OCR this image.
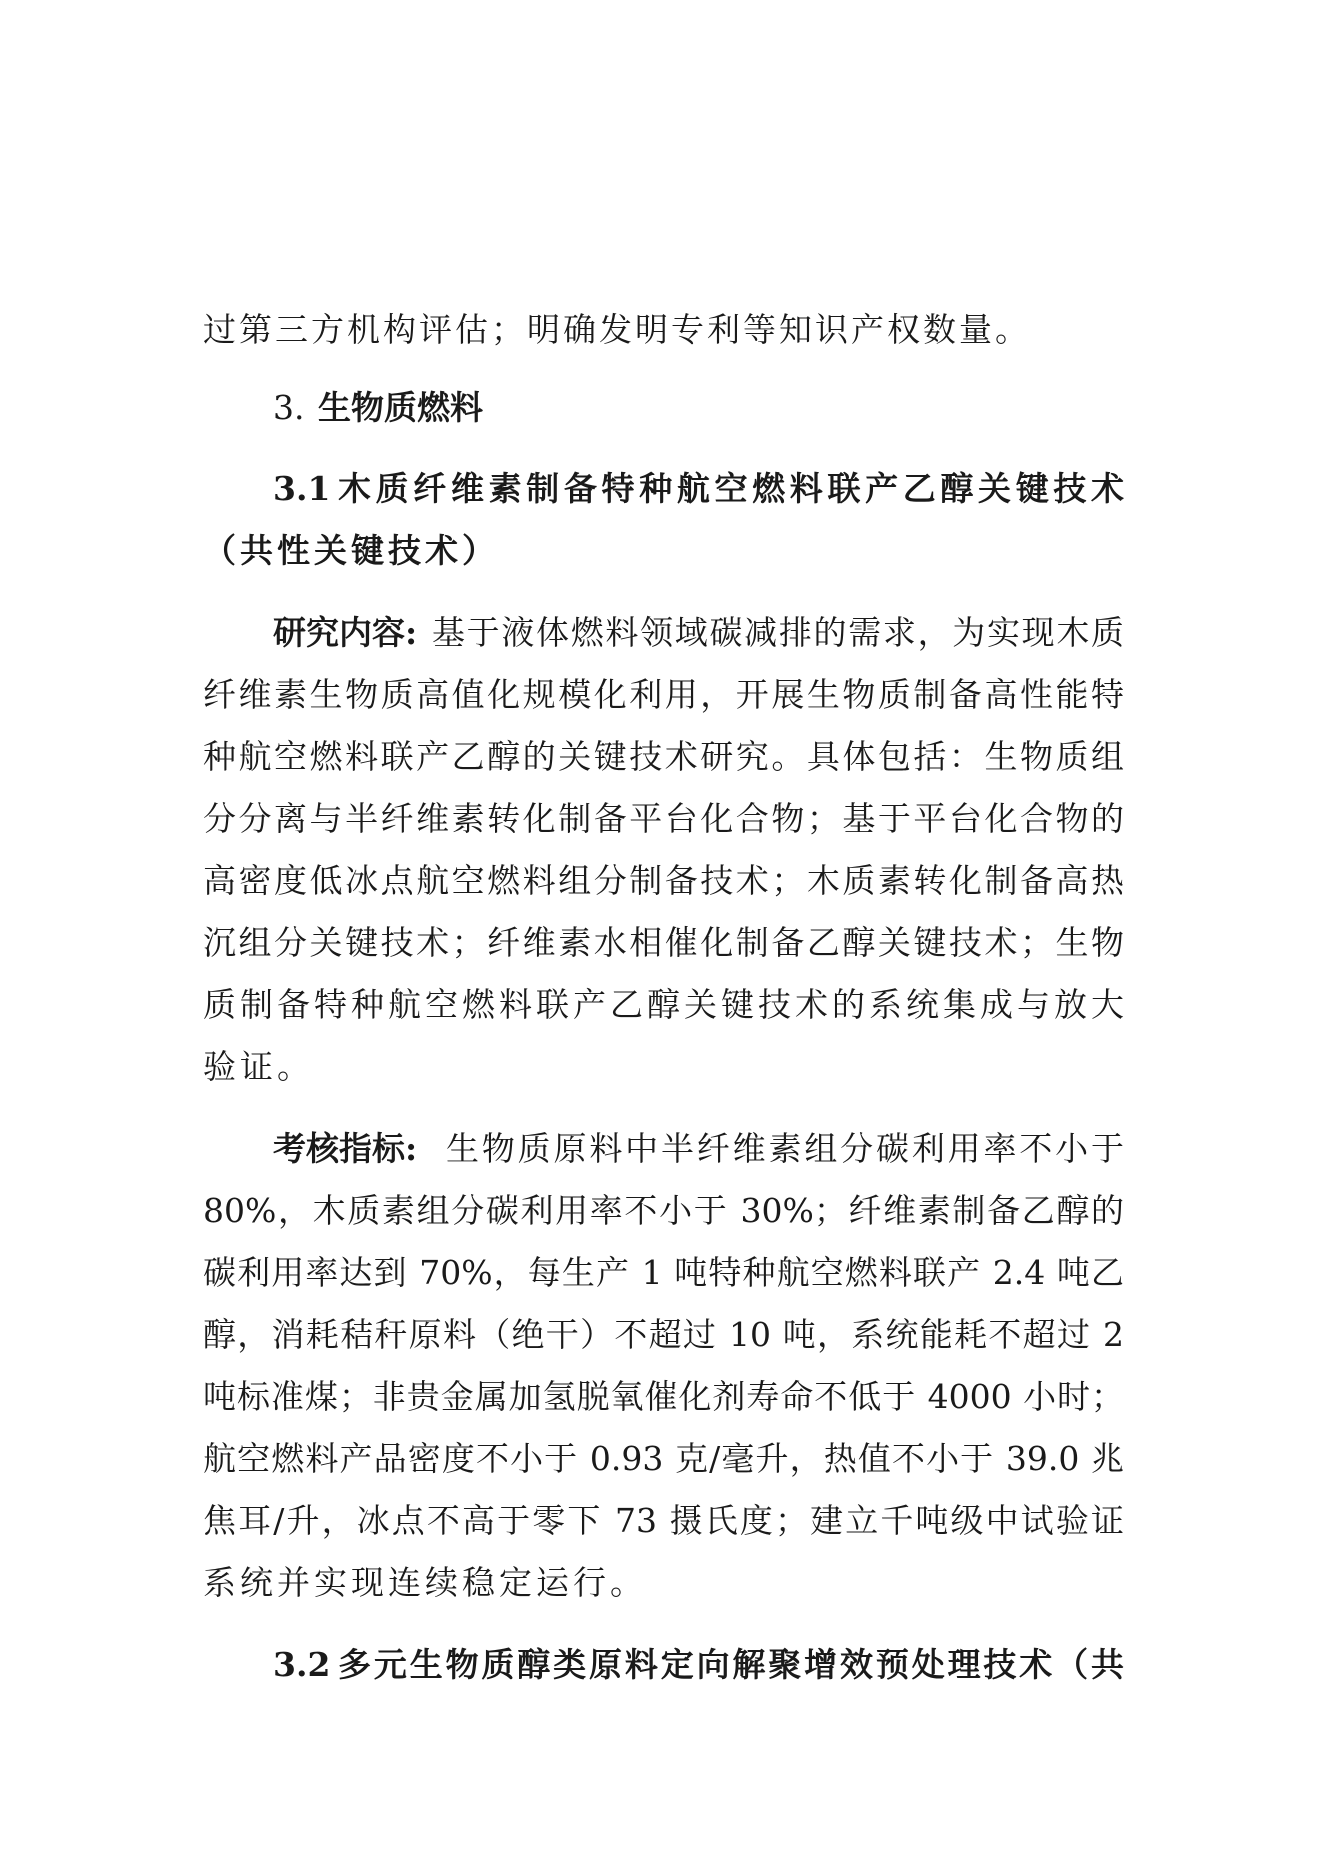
过第三方机构评估；明确发明专利等知识产权数量。
3. 生物质燃料
3.1 木质纤维素制备特种航空燃料联产乙醇关键技术
（共性关键技术）
研究内容: 基于液体燃料领域碳减排的需求，为实现木质
纤维素生物质高值化规模化利用，开展生物质制备高性能特
种航空燃料联产乙醇的关键技术研究。具体包括：生物质组
分分离与半纤维素转化制备平台化合物；基于平台化合物的
高密度低冰点航空燃料组分制备技术；木质素转化制备高热
沉组分关键技术；纤维素水相催化制备乙醇关键技术；生物
质制备特种航空燃料联产乙醇关键技术的系统集成与放大
验证。
考核指标: 生物质原料中半纤维素组分碳利用率不小于
80%，木质素组分碳利用率不小于 30%；纤维素制备乙醇的
碳利用率达到 70%，每生产 1 吨特种航空燃料联产 2.4 吨乙
醇，消耗秸秆原料（绝干）不超过 10 吨，系统能耗不超过 2
吨标准煤；非贵金属加氢脱氧催化剂寿命不低于 4000 小时；
航空燃料产品密度不小于 0.93 克/毫升，热值不小于 39.0 兆
焦耳/升，冰点不高于零下 73 摄氏度；建立千吨级中试验证
系统并实现连续稳定运行。
3.2 多元生物质醇类原料定向解聚增效预处理技术（共
